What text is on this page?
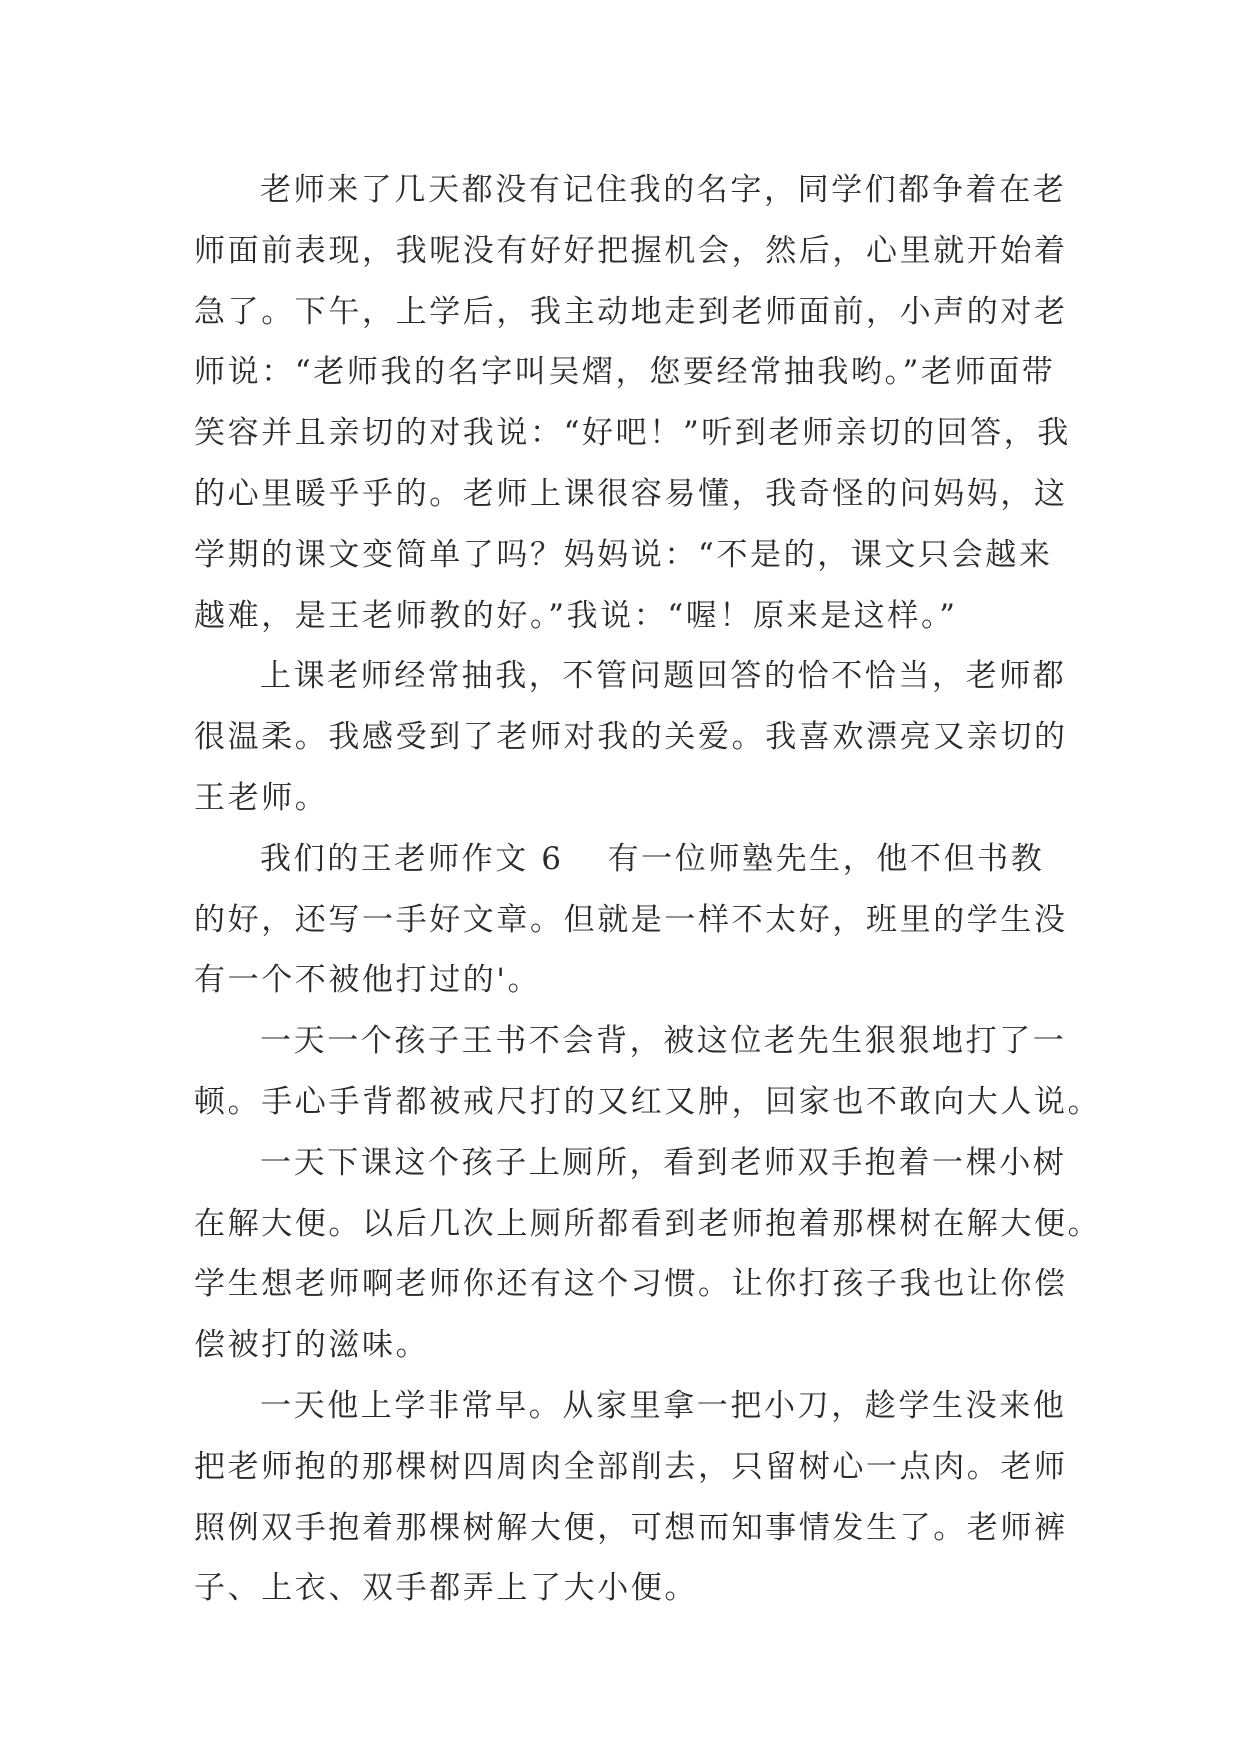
老师来了几天都没有记住我的名字，同学们都争着在老
师面前表现，我呢没有好好把握机会，然后，心里就开始着
急了。下午，上学后，我主动地走到老师面前，小声的对老
师说：“老师我的名字叫吴熠，您要经常抽我哟。”老师面带
笑容并且亲切的对我说：“好吧！”听到老师亲切的回答，我
的心里暖乎乎的。老师上课很容易懂，我奇怪的问妈妈，这
学期的课文变简单了吗？妈妈说：“不是的，课文只会越来
越难，是王老师教的好。”我说：“喔！原来是这样。”
上课老师经常抽我，不管问题回答的恰不恰当，老师都
很温柔。我感受到了老师对我的关爱。我喜欢漂亮又亲切的
王老师。
我们的王老师作文 6 有一位师塾先生，他不但书教
的好，还写一手好文章。但就是一样不太好，班里的学生没
有一个不被他打过的'。
一天一个孩子王书不会背，被这位老先生狠狠地打了一
顿。手心手背都被戒尺打的又红又肿，回家也不敢向大人说。
一天下课这个孩子上厕所，看到老师双手抱着一棵小树
在解大便。以后几次上厕所都看到老师抱着那棵树在解大便。
学生想老师啊老师你还有这个习惯。让你打孩子我也让你偿
偿被打的滋味。
一天他上学非常早。从家里拿一把小刀，趁学生没来他
把老师抱的那棵树四周肉全部削去，只留树心一点肉。老师
照例双手抱着那棵树解大便，可想而知事情发生了。老师裤
子、上衣、双手都弄上了大小便。
